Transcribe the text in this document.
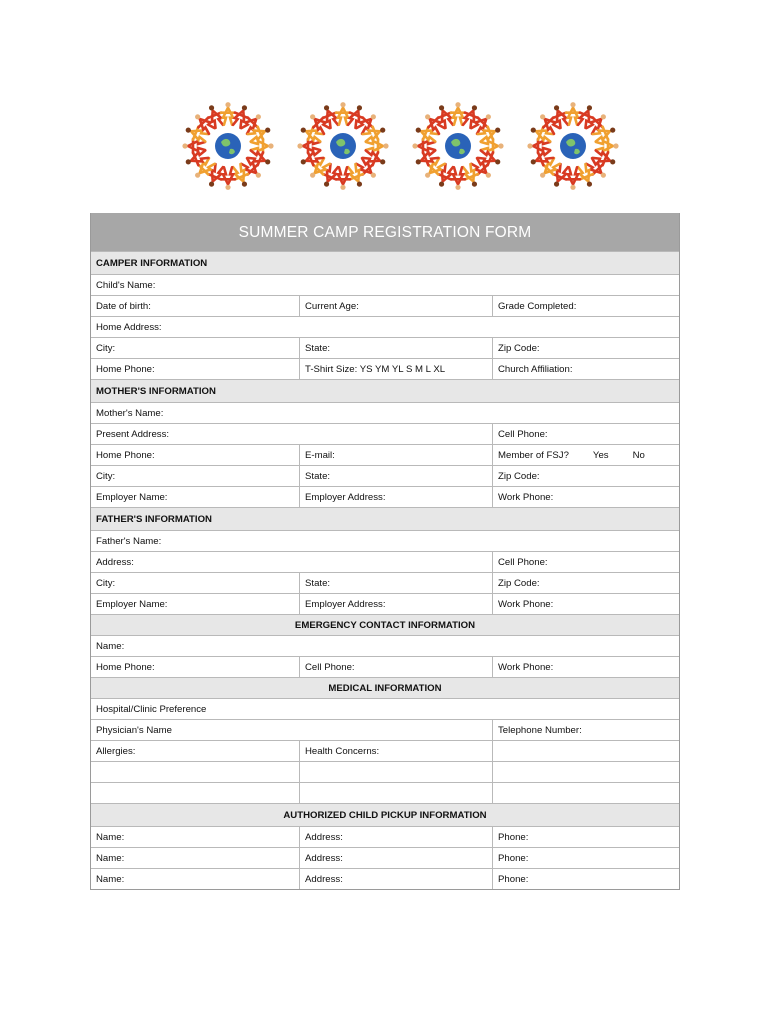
SUMMER CAMP REGISTRATION FORM
CAMPER INFORMATION
Child's Name:
Date of birth:	Current Age:	Grade Completed:
Home Address:
City:	State:	Zip Code:
Home Phone:	T-Shirt Size: YS YM YL S M L XL	Church Affiliation:
MOTHER'S INFORMATION
Mother's Name:
Present Address:	Cell Phone:
Home Phone:	E-mail:	Member of FSJ?	Yes	No
City:	State:	Zip Code:
Employer Name:	Employer Address:	Work Phone:
FATHER'S INFORMATION
Father's Name:
Address:	Cell Phone:
City:	State:	Zip Code:
Employer Name:	Employer Address:	Work Phone:
EMERGENCY CONTACT INFORMATION
Name:
Home Phone:	Cell Phone:	Work Phone:
MEDICAL INFORMATION
Hospital/Clinic Preference
Physician's Name	Telephone Number:
Allergies:	Health Concerns:
AUTHORIZED CHILD PICKUP INFORMATION
Name:	Address:	Phone:
Name:	Address:	Phone:
Name:	Address:	Phone:
